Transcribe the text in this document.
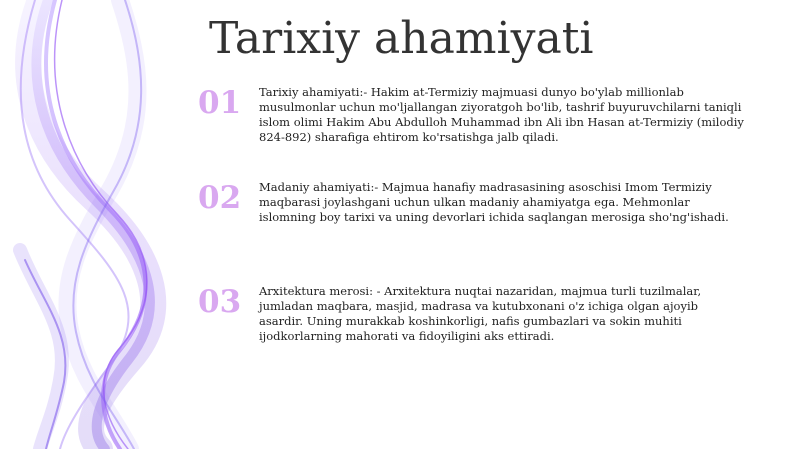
Tarixiy ahamiyati
01	Tarixiy ahamiyati:- Hakim at-Termiziy majmuasi dunyo bo'ylab millionlab musulmonlar uchun mo'ljallangan ziyoratgoh bo'lib, tashrif buyuruvchilarni taniqli islom olimi Hakim Abu Abdulloh Muhammad ibn Ali ibn Hasan at-Termiziy (milodiy 824-892) sharafiga ehtirom ko'rsatishga jalb qiladi.

02	Madaniy ahamiyati:- Majmua hanafiy madrasasining asoschisi Imom Termiziy maqbarasi joylashgani uchun ulkan madaniy ahamiyatga ega. Mehmonlar islomning boy tarixi va uning devorlari ichida saqlangan merosiga sho'ng'ishadi.

03	Arxitektura merosi: - Arxitektura nuqtai nazaridan, majmua turli tuzilmalar, jumladan maqbara, masjid, madrasa va kutubxonani o'z ichiga olgan ajoyib asardir. Uning murakkab koshinkorligi, nafis gumbazlari va sokin muhiti ijodkorlarning mahorati va fidoyiligini aks ettiradi.
